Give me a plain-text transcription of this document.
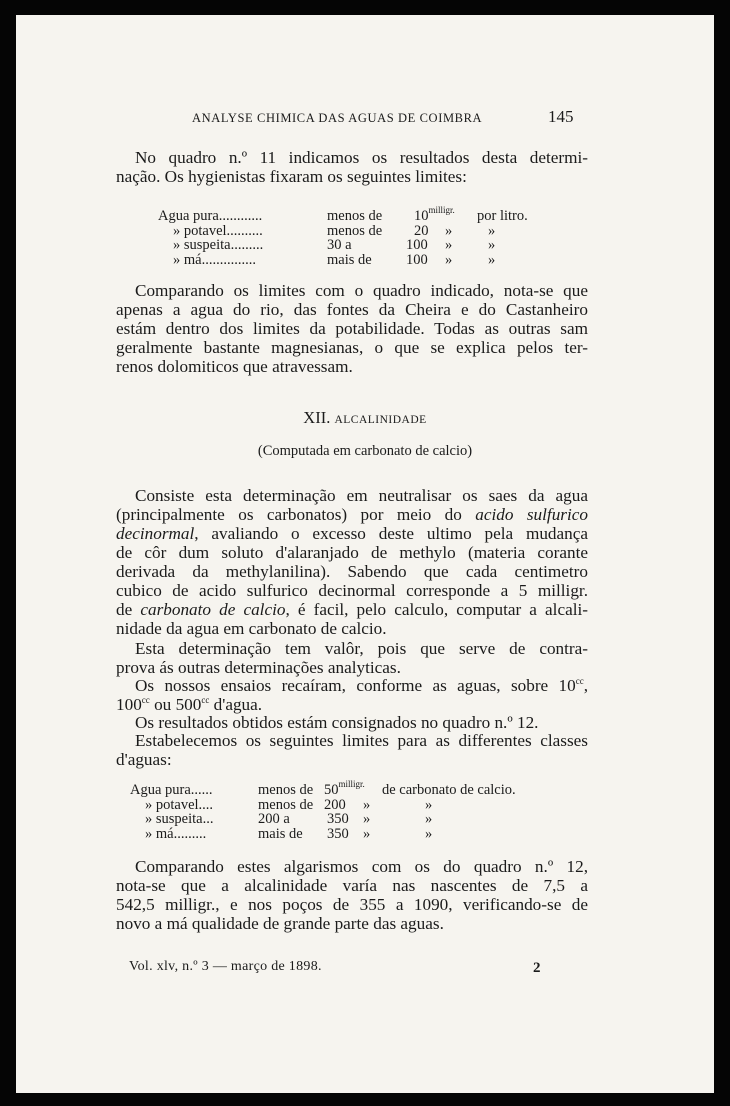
ANALYSE CHIMICA DAS AGUAS DE COIMBRA	145
No quadro n.º 11 indicamos os resultados desta determi-
nação. Os hygienistas fixaram os seguintes limites:
Agua pura............	menos de $10^{milligr.}$ por litro.
» potavel..........	menos de 20 » »
» suspeita.........	30 a	100 » »
» má...............	mais de 100 » »
Comparando os limites com o quadro indicado, nota-se que
apenas a agua do rio, das fontes da Cheira e do Castanheiro
estám dentro dos limites da potabilidade. Todas as outras sam
geralmente bastante magnesianas, o que se explica pelos ter-
renos dolomiticos que atravessam.
XII. ALCALINIDADE
(Computada em carbonato de calcio)
Consiste esta determinação em neutralisar os saes da agua
(principalmente os carbonatos) por meio do acido sulfurico
decinormal, avaliando o excesso deste ultimo pela mudança
de côr dum soluto d'alaranjado de methylo (materia corante
derivada da methylanilina). Sabendo que cada centimetro
cubico de acido sulfurico decinormal corresponde a 5 milligr.
de carbonato de calcio, é facil, pelo calculo, computar a alcali-
nidade da agua em carbonato de calcio.
Esta determinação tem valôr, pois que serve de contra-
prova ás outras determinações analyticas.
Os nossos ensaios recaíram, conforme as aguas, sobre $10^{cc}$,
$100^{cc}$ ou $500^{cc}$ d'agua.
Os resultados obtidos estám consignados no quadro n.º 12.
Estabelecemos os seguintes limites para as differentes classes
d'aguas:
Agua pura......	menos de $50^{milligr.}$ de carbonato de calcio.
» potavel....	menos de 200 »	»
» suspeita...	200 a	350 »	»
» má.........	mais de 350 »	»
Comparando estes algarismos com os do quadro n.º 12,
nota-se que a alcalinidade varía nas nascentes de 7,5 a
542,5 milligr., e nos poços de 355 a 1090, verificando-se de
novo a má qualidade de grande parte das aguas.
Vol. xlv, n.º 3 — março de 1898.	2
